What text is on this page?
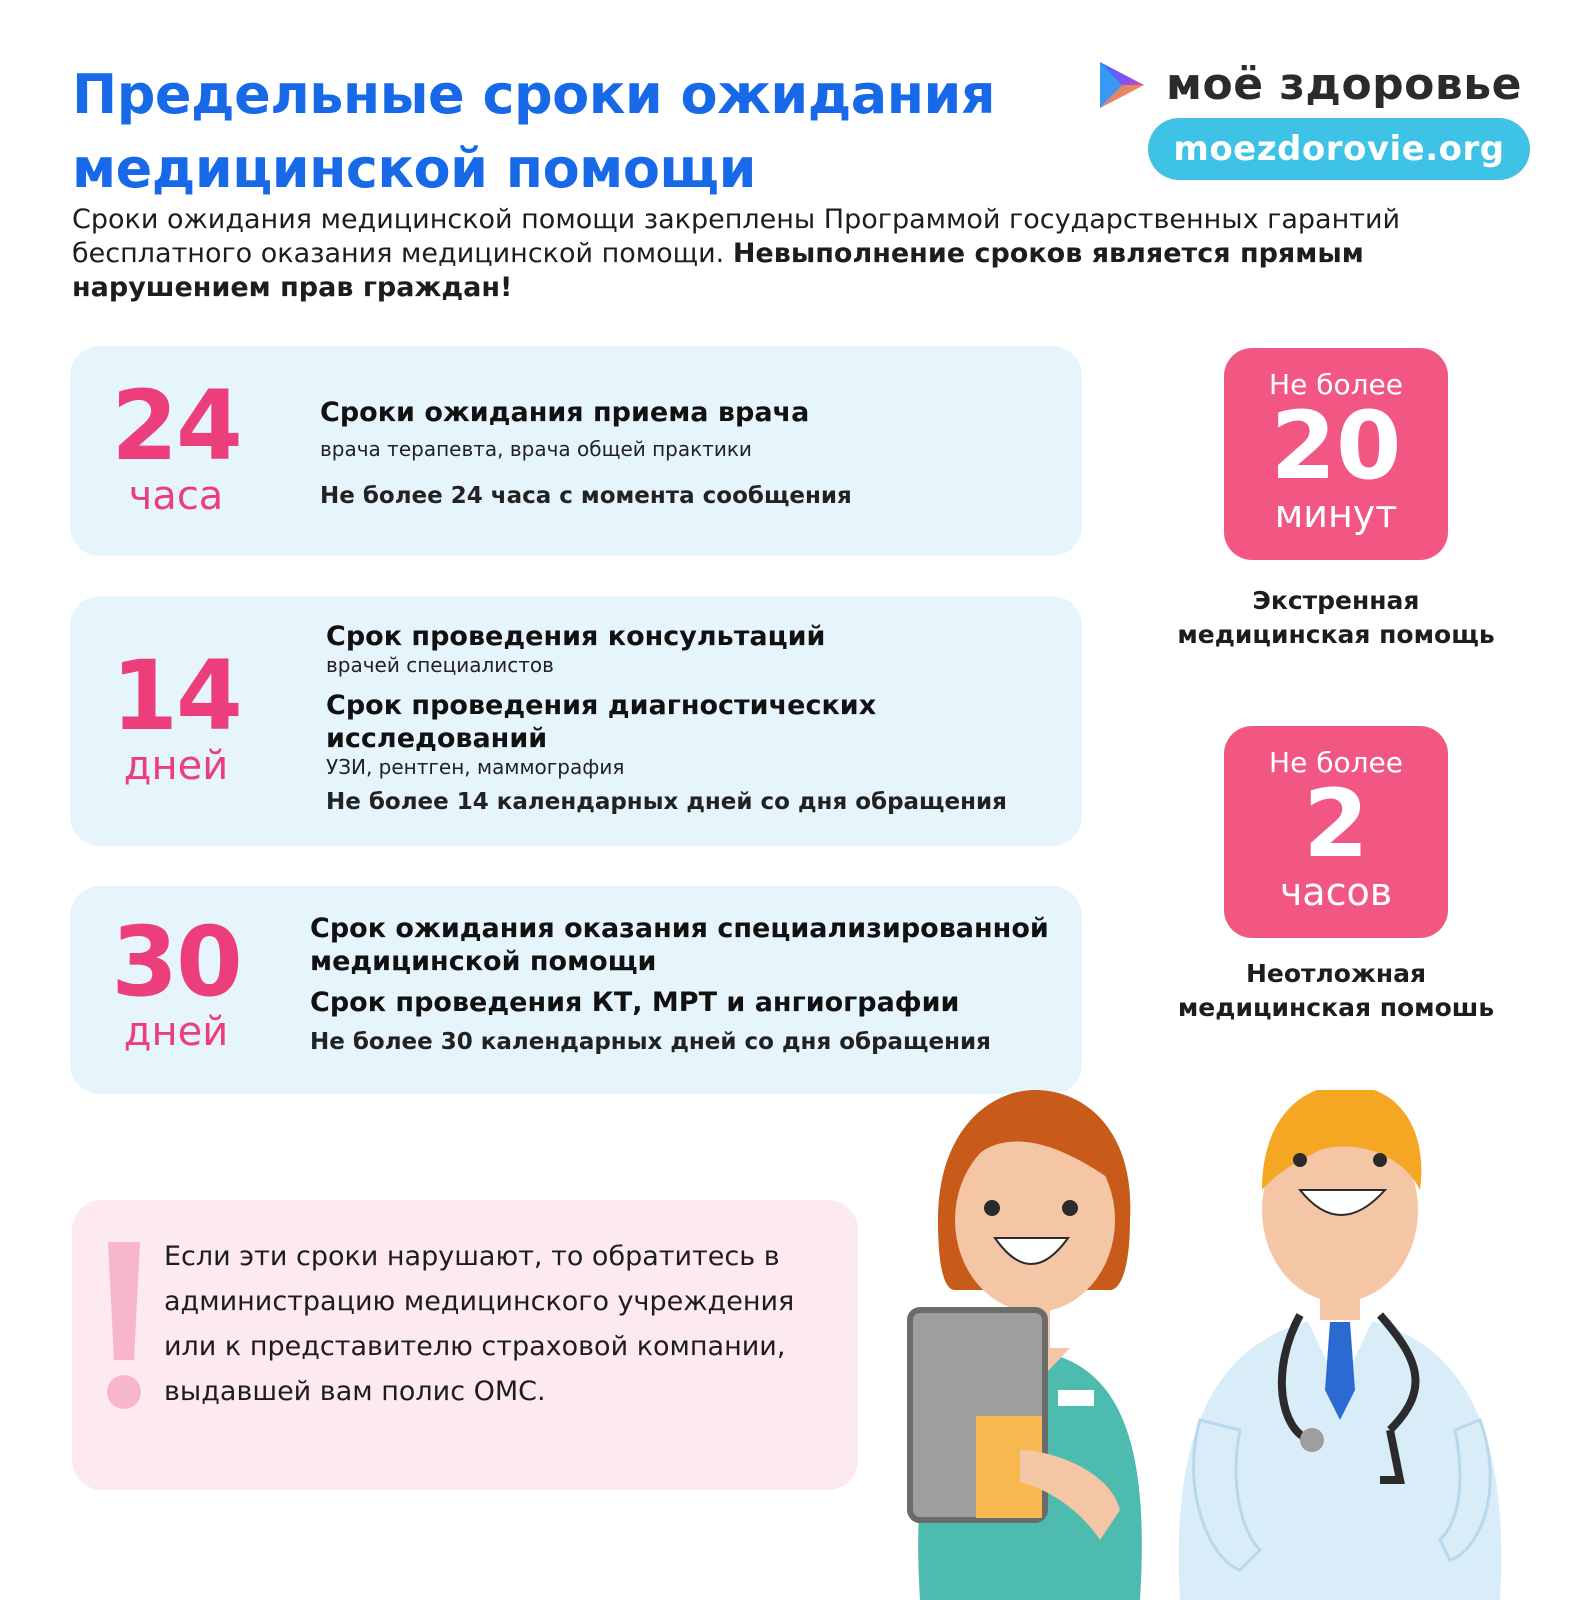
Предельные сроки ожидания
медицинской помощи
моё здоровье
moezdorovie.org

Сроки ожидания медицинской помощи закреплены Программой государственных гарантий бесплатного оказания медицинской помощи. Невыполнение сроков является прямым нарушением прав граждан!

24
часа
Сроки ожидания приема врача
врача терапевта, врача общей практики
Не более 24 часа с момента сообщения
14
дней
Срок проведения консультаций
врачей специалистов
Срок проведения диагностических исследований
УЗИ, рентген, маммография
Не более 14 календарных дней со дня обращения
30
дней
Срок ожидания оказания специализированной медицинской помощи
Срок проведения КТ, МРТ и ангиографии
Не более 30 календарных дней со дня обращения
Не более
20
минут
Экстренная
медицинская помощь
Не более
2
часов
Неотложная
медицинская помошь

Если эти сроки нарушают, то обратитесь в администрацию медицинского учреждения или к представителю страховой компании, выдавшей вам полис ОМС.
